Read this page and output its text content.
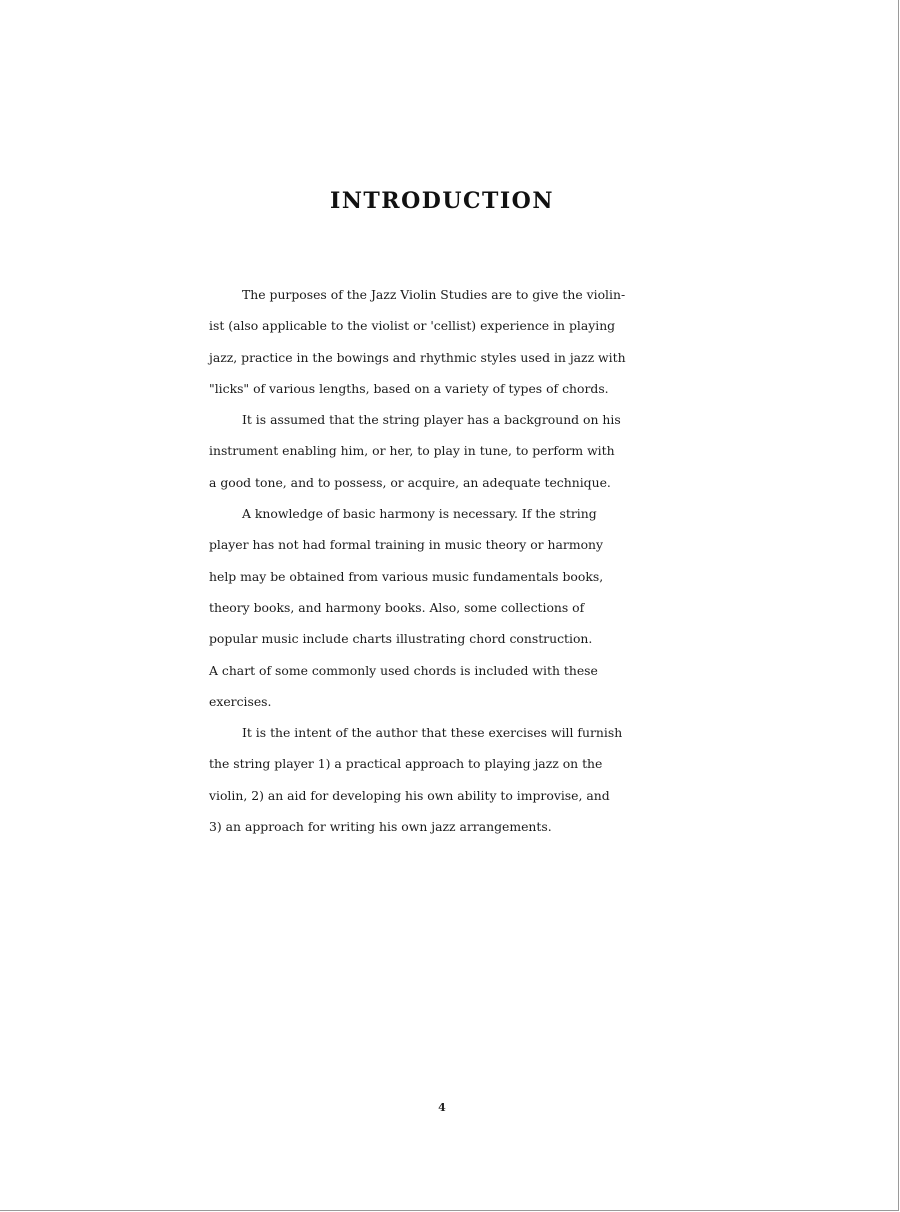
INTRODUCTION
The purposes of the Jazz Violin Studies are to give the violin-
ist (also applicable to the violist or 'cellist) experience in playing
jazz, practice in the bowings and rhythmic styles used in jazz with
"licks" of various lengths, based on a variety of types of chords.
It is assumed that the string player has a background on his
instrument enabling him, or her, to play in tune, to perform with
a good tone, and to possess, or acquire, an adequate technique.
A knowledge of basic harmony is necessary. If the string
player has not had formal training in music theory or harmony
help may be obtained from various music fundamentals books,
theory books, and harmony books. Also, some collections of
popular music include charts illustrating chord construction.
A chart of some commonly used chords is included with these
exercises.
It is the intent of the author that these exercises will furnish
the string player 1) a practical approach to playing jazz on the
violin, 2) an aid for developing his own ability to improvise, and
3) an approach for writing his own jazz arrangements.
4
